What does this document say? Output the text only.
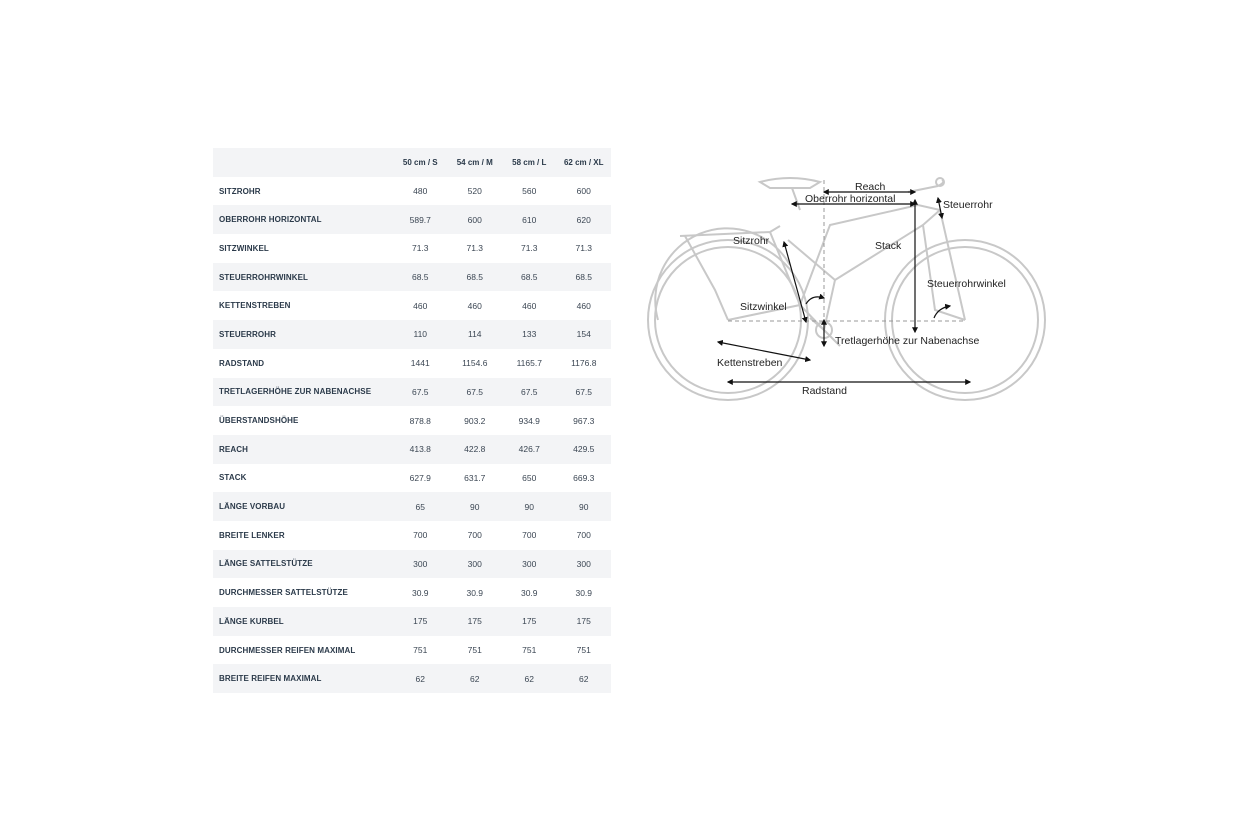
	50 cm / S	54 cm / M	58 cm / L	62 cm / XL
SITZROHR	480	520	560	600
OBERROHR HORIZONTAL	589.7	600	610	620
SITZWINKEL	71.3	71.3	71.3	71.3
STEUERROHRWINKEL	68.5	68.5	68.5	68.5
KETTENSTREBEN	460	460	460	460
STEUERROHR	110	114	133	154
RADSTAND	1441	1154.6	1165.7	1176.8
TRETLAGERHÖHE ZUR NABENACHSE	67.5	67.5	67.5	67.5
ÜBERSTANDSHÖHE	878.8	903.2	934.9	967.3
REACH	413.8	422.8	426.7	429.5
STACK	627.9	631.7	650	669.3
LÄNGE VORBAU	65	90	90	90
BREITE LENKER	700	700	700	700
LÄNGE SATTELSTÜTZE	300	300	300	300
DURCHMESSER SATTELSTÜTZE	30.9	30.9	30.9	30.9
LÄNGE KURBEL	175	175	175	175
DURCHMESSER REIFEN MAXIMAL	751	751	751	751
BREITE REIFEN MAXIMAL	62	62	62	62
Reach
Oberrohr horizontal	Steuerrohr
Sitzrohr	Stack
Steuerrohrwinkel
Sitzwinkel
Tretlagerhöhe zur Nabenachse
Kettenstreben
Radstand
